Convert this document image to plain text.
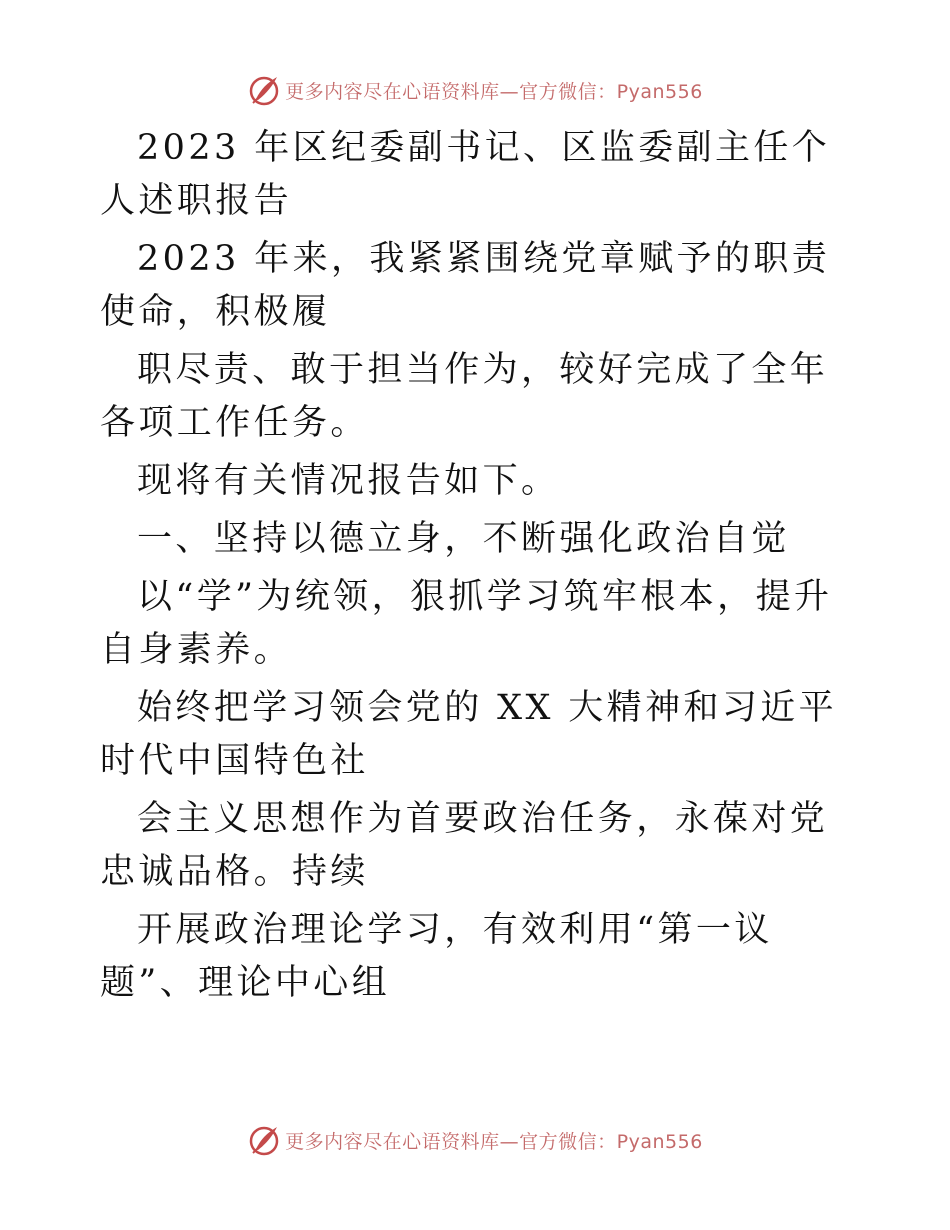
更多内容尽在心语资料库—官方微信：Pyan556

2023 年区纪委副书记、区监委副主任个人述职报告

2023 年来，我紧紧围绕党章赋予的职责使命，积极履

职尽责、敢于担当作为，较好完成了全年各项工作任务。

现将有关情况报告如下。

一、坚持以德立身，不断强化政治自觉

以“学”为统领，狠抓学习筑牢根本，提升自身素养。

始终把学习领会党的 XX 大精神和习近平时代中国特色社

会主义思想作为首要政治任务，永葆对党忠诚品格。持续

开展政治理论学习，有效利用“第一议题”、理论中心组

更多内容尽在心语资料库—官方微信：Pyan556
